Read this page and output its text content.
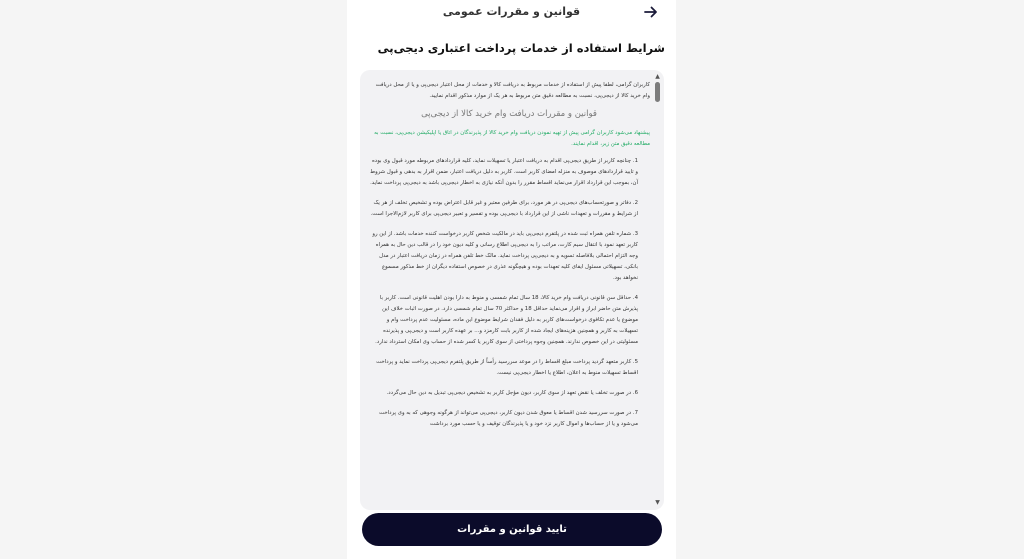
قوانین و مقررات عمومی
شرایط استفاده از خدمات پرداخت اعتباری دیجی‌پی

کاربران گرامی، لطفا پیش از استفاده از خدمات مربوط به دریافت کالا و خدمات از محل اعتبار دیجی‌پی و یا از محل دریافت وام خرید کالا از دیجی‌پی، نسبت به مطالعه دقیق متن مربوط به هر یک از موارد مذکور اقدام نمایید.

قوانین و مقررات دریافت وام خرید کالا از دیجی‌پی

پیشنهاد می‌شود کاربران گرامی پیش از تهیه نمودن دریافت وام خرید کالا از پذیرندگان در اتاق یا اپلیکیشن دیجی‌پی، نسبت به مطالعه دقیق متن زیر، اقدام نمایند.

1. چنانچه کاربر از طریق دیجی‌پی اقدام به دریافت اعتبار یا تسهیلات نماید، کلیه قراردادهای مربوطه مورد قبول وی بوده و تایید قراردادهای موصوف به منزله امضای کاربر است. کاربر به دلیل دریافت اعتبار، ضمن اقرار به بدهی و قبول شروط آن، بموجب این قرارداد اقرار می‌نماید اقساط مقرر را بدون آنکه نیازی به اخطار دیجی‌پی باشد به دیجی‌پی پرداخت نماید.
2. دفاتر و صورتحساب‌های دیجی‌پی در هر مورد، برای طرفین معتبر و غیر قابل اعتراض بوده و تشخیص تخلف از هر یک از شرایط و مقررات و تعهدات ناشی از این قرارداد با دیجی‌پی بوده و تفسیر و تعبیر دیجی‌پی برای کاربر لازم‌الاجرا است.
3. شماره تلفن همراه ثبت شده در پلتفرم دیجی‌پی باید در مالکیت شخص کاربر درخواست کننده خدمات باشد. از این رو کاربر تعهد نمود با انتقال سیم کارت، مراتب را به دیجی‌پی اطلاع رسانی و کلیه دیون خود را در قالب دین حال به همراه وجه التزام احتمالی بلافاصله تسویه و به دیجی‌پی پرداخت نماید. مالک خط تلفن همراه در زمان دریافت اعتبار در مدل بانکی، تسهیلاتی مسئول ایفای کلیه تعهدات بوده و هیچگونه عذری در خصوص استفاده دیگران از خط مذکور مسموع نخواهد بود.
4. حداقل سن قانونی دریافت وام خرید کالا، 18 سال تمام شمسی و منوط به دارا بودن اهلیت قانونی است. کاربر با پذیرش متن حاضر ابراز و اقرار می‌نماید حداقل 18 و حداکثر 70 سال تمام شمسی دارد. در صورت اثبات خلاف این موضوع یا عدم تکافوی درخواست‌های کاربر به دلیل فقدان شرایط موضوع این ماده، مسئولیت عدم پرداخت وام و تسهیلات به کاربر و همچنین هزینه‌های ایجاد شده از کاربر بابت کارمزد و... بر عهده کاربر است و دیجی‌پی و پذیرنده مسئولیتی در این خصوص ندارند. همچنین وجوه پرداختی از سوی کاربر یا کسر شده از حساب وی امکان استرداد ندارد.
5. کاربر متعهد گردید پرداخت مبلغ اقساط را در موعد سررسید رأساً از طریق پلتفرم دیجی‌پی پرداخت نماید و پرداخت اقساط تسهیلات منوط به اعلان، اطلاع یا اخطار دیجی‌پی نیست.
6. در صورت تخلف یا نقض تعهد از سوی کاربر، دیون مؤجل کاربر به تشخیص دیجی‌پی تبدیل به دین حال می‌گردد.
7. در صورت سررسید شدن اقساط یا معوق شدن دیون کاربر، دیجی‌پی می‌تواند از هرگونه وجوهی که به وی پرداخت می‌شود و یا از حساب‌ها و اموال کاربر نزد خود و یا پذیرندگان توقیف و یا حسب مورد برداشت
▲
▼
تایید قوانین و مقررات
